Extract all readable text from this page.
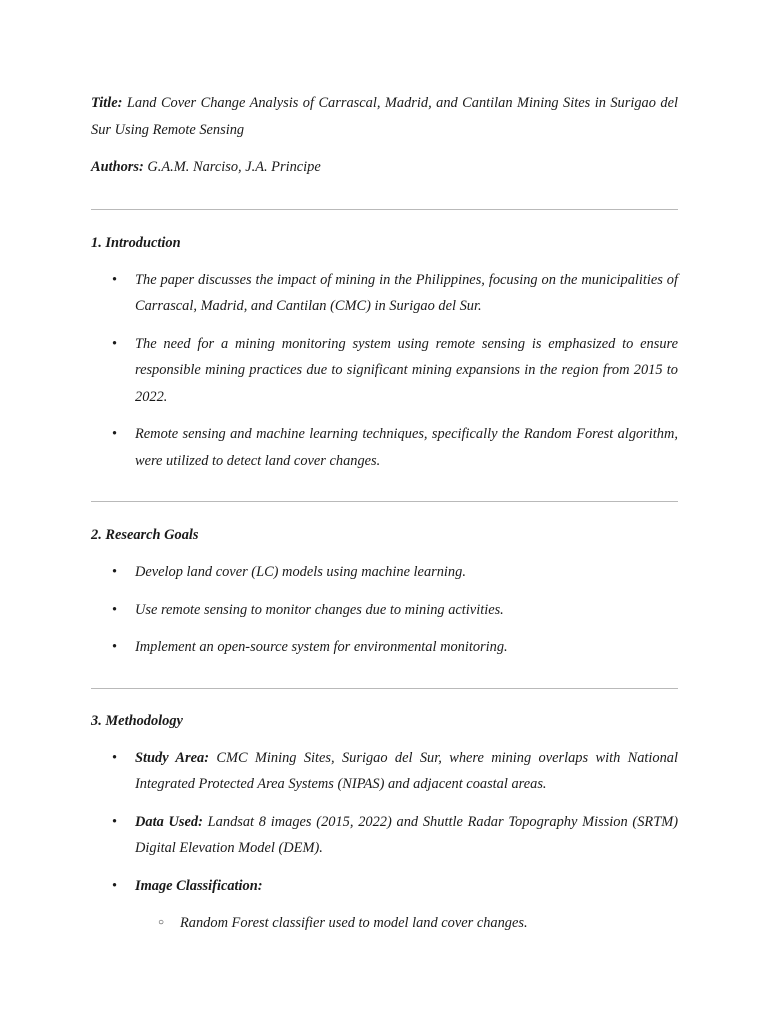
Title: Land Cover Change Analysis of Carrascal, Madrid, and Cantilan Mining Sites in Surigao del Sur Using Remote Sensing

Authors: G.A.M. Narciso, J.A. Principe

1. Introduction
• The paper discusses the impact of mining in the Philippines, focusing on the municipalities of Carrascal, Madrid, and Cantilan (CMC) in Surigao del Sur.
• The need for a mining monitoring system using remote sensing is emphasized to ensure responsible mining practices due to significant mining expansions in the region from 2015 to 2022.
• Remote sensing and machine learning techniques, specifically the Random Forest algorithm, were utilized to detect land cover changes.
2. Research Goals
• Develop land cover (LC) models using machine learning.
• Use remote sensing to monitor changes due to mining activities.
• Implement an open-source system for environmental monitoring.
3. Methodology
• Study Area: CMC Mining Sites, Surigao del Sur, where mining overlaps with National Integrated Protected Area Systems (NIPAS) and adjacent coastal areas.
• Data Used: Landsat 8 images (2015, 2022) and Shuttle Radar Topography Mission (SRTM) Digital Elevation Model (DEM).
• Image Classification:
○ Random Forest classifier used to model land cover changes.
